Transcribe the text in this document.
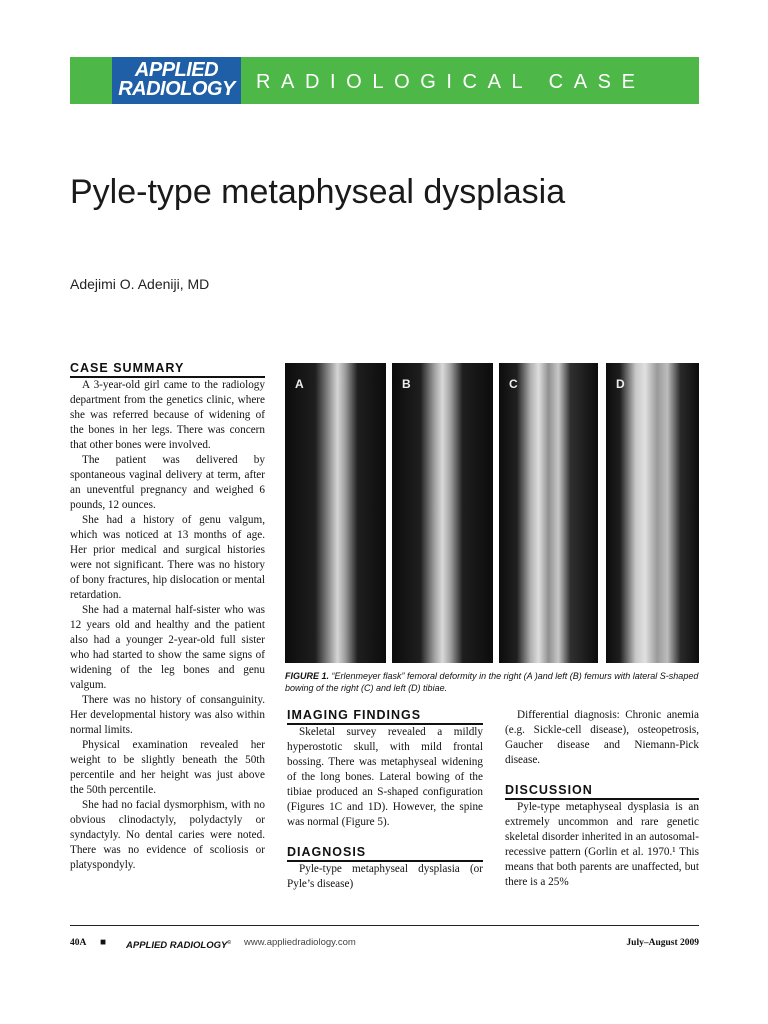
APPLIED
RADIOLOGY	RADIOLOGICAL CASE
Pyle-type metaphyseal dysplasia
Adejimi O. Adeniji, MD
CASE SUMMARY

A 3-year-old girl came to the radiology department from the genetics clinic, where she was referred because of widening of the bones in her legs. There was concern that other bones were involved.

The patient was delivered by spontaneous vaginal delivery at term, after an uneventful pregnancy and weighed 6 pounds, 12 ounces.

She had a history of genu valgum, which was noticed at 13 months of age. Her prior medical and surgical histories were not significant. There was no history of bony fractures, hip dislocation or mental retardation.

She had a maternal half-sister who was 12 years old and healthy and the patient also had a younger 2-year-old full sister who had started to show the same signs of widening of the leg bones and genu valgum.

There was no history of consanguinity. Her developmental history was also within normal limits.

Physical examination revealed her weight to be slightly beneath the 50th percentile and her height was just above the 50th percentile.

She had no facial dysmorphism, with no obvious clinodactyly, polydactyly or syndactyly. No dental caries were noted. There was no evidence of scoliosis or platyspondyly.

A	B	C	D

FIGURE 1. “Erlenmeyer flask” femoral deformity in the right (A )and left (B) femurs with lateral S-shaped bowing of the right (C) and left (D) tibiae.

IMAGING FINDINGS

Skeletal survey revealed a mildly hyperostotic skull, with mild frontal bossing. There was metaphyseal widening of the long bones. Lateral bowing of the tibiae produced an S-shaped configuration (Figures 1C and 1D). However, the spine was normal (Figure 5).

DIAGNOSIS

Pyle-type metaphyseal dysplasia (or Pyle’s disease)

Differential diagnosis: Chronic anemia (e.g. Sickle-cell disease), osteopetrosis, Gaucher disease and Niemann-Pick disease.

DISCUSSION

Pyle-type metaphyseal dysplasia is an extremely uncommon and rare genetic skeletal disorder inherited in an autosomal-recessive pattern (Gorlin et al. 1970.¹ This means that both parents are unaffected, but there is a 25%

40A ■ APPLIED RADIOLOGY© www.appliedradiology.com	July–August 2009
